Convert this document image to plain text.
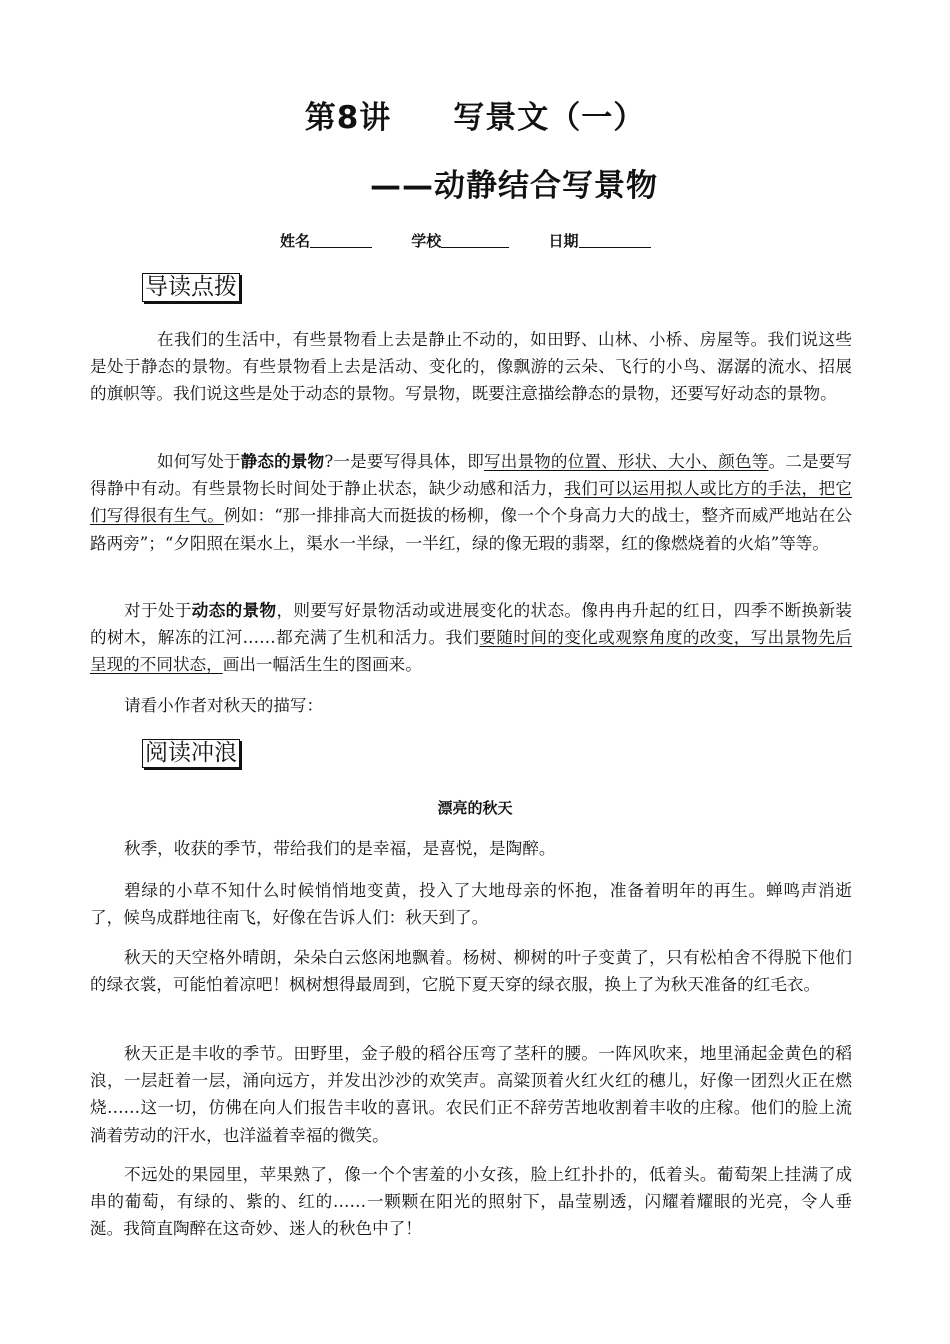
第8讲 写景文（一）
——动静结合写景物
姓名	学校	日期
导读点拨

在我们的生活中，有些景物看上去是静止不动的，如田野、山林、小桥、房屋等。我们说这些是处于静态的景物。有些景物看上去是活动、变化的，像飘游的云朵、飞行的小鸟、潺潺的流水、招展的旗帜等。我们说这些是处于动态的景物。写景物，既要注意描绘静态的景物，还要写好动态的景物。

如何写处于静态的景物?一是要写得具体，即写出景物的位置、形状、大小、颜色等。二是要写得静中有动。有些景物长时间处于静止状态，缺少动感和活力，我们可以运用拟人或比方的手法，把它们写得很有生气。例如：“那一排排高大而挺拔的杨柳，像一个个身高力大的战士，整齐而威严地站在公路两旁”；“夕阳照在渠水上，渠水一半绿，一半红，绿的像无瑕的翡翠，红的像燃烧着的火焰”等等。

对于处于动态的景物，则要写好景物活动或进展变化的状态。像冉冉升起的红日，四季不断换新装的树木，解冻的江河……都充满了生机和活力。我们要随时间的变化或观察角度的改变，写出景物先后呈现的不同状态，画出一幅活生生的图画来。

请看小作者对秋天的描写：

阅读冲浪
漂亮的秋天

秋季，收获的季节，带给我们的是幸福，是喜悦，是陶醉。

碧绿的小草不知什么时候悄悄地变黄，投入了大地母亲的怀抱，准备着明年的再生。蝉鸣声消逝了，候鸟成群地往南飞，好像在告诉人们：秋天到了。

秋天的天空格外晴朗，朵朵白云悠闲地飘着。杨树、柳树的叶子变黄了，只有松柏舍不得脱下他们的绿衣裳，可能怕着凉吧！枫树想得最周到，它脱下夏天穿的绿衣服，换上了为秋天准备的红毛衣。

秋天正是丰收的季节。田野里，金子般的稻谷压弯了茎秆的腰。一阵风吹来，地里涌起金黄色的稻浪，一层赶着一层，涌向远方，并发出沙沙的欢笑声。高粱顶着火红火红的穗儿，好像一团烈火正在燃烧……这一切，仿佛在向人们报告丰收的喜讯。农民们正不辞劳苦地收割着丰收的庄稼。他们的脸上流淌着劳动的汗水，也洋溢着幸福的微笑。

不远处的果园里，苹果熟了，像一个个害羞的小女孩，脸上红扑扑的，低着头。葡萄架上挂满了成串的葡萄，有绿的、紫的、红的……一颗颗在阳光的照射下，晶莹剔透，闪耀着耀眼的光亮，令人垂涎。我简直陶醉在这奇妙、迷人的秋色中了！
